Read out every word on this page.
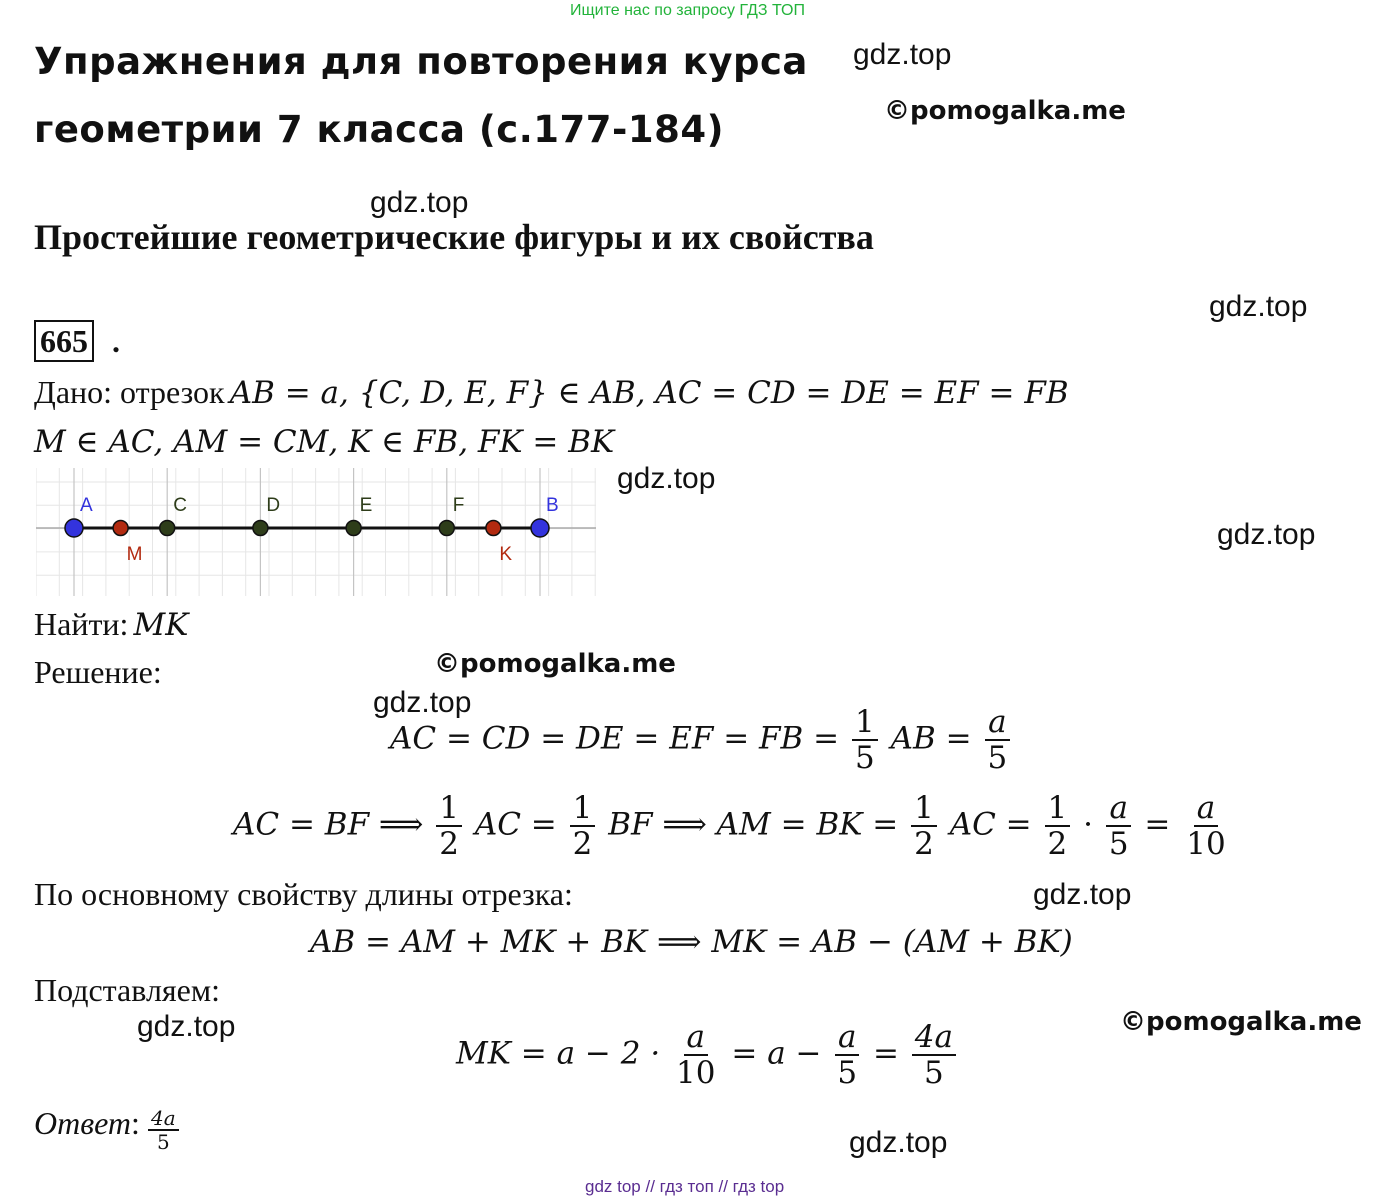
Ищите нас по запросу ГДЗ ТОП
Упражнения для повторения курса
геометрии 7 класса (с.177-184)
gdz.top
©pomogalka.me
gdz.top
Простейшие геометрические фигуры и их свойства
gdz.top
665 .
Дано: отрезок AB = a, {C, D, E, F} ∈ AB, AC = CD = DE = EF = FB
M ∈ AC, AM = CM, K ∈ FB, FK = BK
A
M
C	D	E	F
K
B
gdz.top
gdz.top
Найти: MK
Решение:	©pomogalka.me
gdz.top
AC = CD = DE = EF = FB = $\frac{1}{5}$ AB = $\frac{a}{5}$
AC = BF ⟹ $\frac{1}{2}$ AC = $\frac{1}{2}$ BF ⟹ AM = BK = $\frac{1}{2}$ AC = $\frac{1}{2} \cdot \frac{a}{5} = \frac{a}{10}$
По основному свойству длины отрезка:	gdz.top
AB = AM + MK + BK ⟹ MK = AB − (AM + BK)
Подставляем:
gdz.top	©pomogalka.me
MK = $a - 2 \cdot \frac{a}{10} = a - \frac{a}{5} = \frac{4a}{5}$
Ответ: $\frac{4a}{5}$	gdz.top
gdz top // гдз топ // гдз top
